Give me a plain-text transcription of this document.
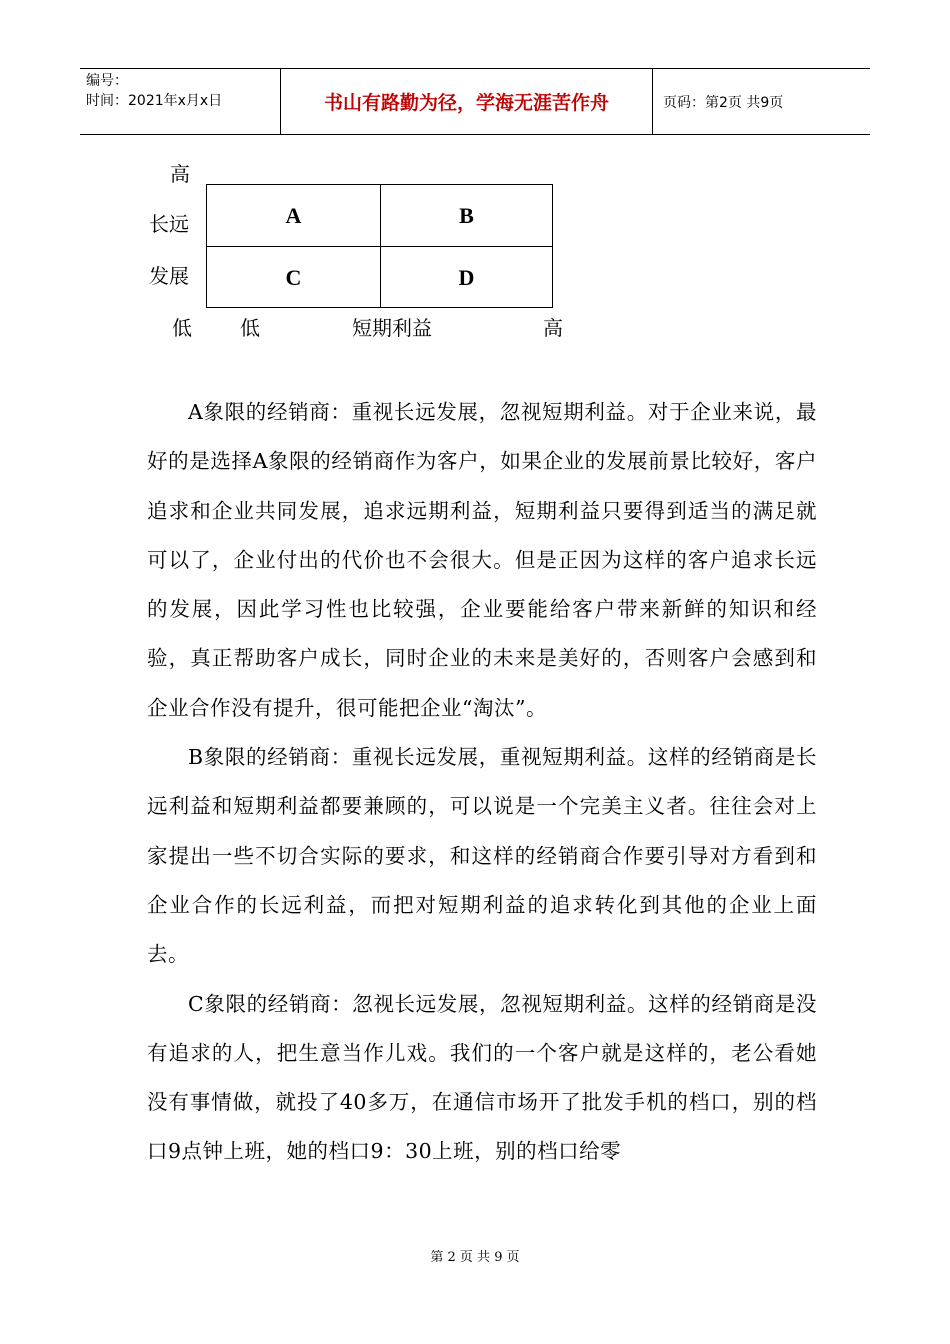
编号：
时间：2021年x月x日	书山有路勤为径，学海无涯苦作舟	页码：第2页 共9页
高
长远
发展
低 低	短期利益	高
A	B
C	D

A象限的经销商：重视长远发展，忽视短期利益。对于企业来说，最好的是选择A象限的经销商作为客户，如果企业的发展前景比较好，客户追求和企业共同发展，追求远期利益，短期利益只要得到适当的满足就可以了，企业付出的代价也不会很大。但是正因为这样的客户追求长远的发展，因此学习性也比较强，企业要能给客户带来新鲜的知识和经验，真正帮助客户成长，同时企业的未来是美好的，否则客户会感到和企业合作没有提升，很可能把企业“淘汰”。

B象限的经销商：重视长远发展，重视短期利益。这样的经销商是长远利益和短期利益都要兼顾的，可以说是一个完美主义者。往往会对上家提出一些不切合实际的要求，和这样的经销商合作要引导对方看到和企业合作的长远利益，而把对短期利益的追求转化到其他的企业上面去。

C象限的经销商：忽视长远发展，忽视短期利益。这样的经销商是没有追求的人，把生意当作儿戏。我们的一个客户就是这样的，老公看她没有事情做，就投了40多万，在通信市场开了批发手机的档口，别的档口9点钟上班，她的档口9：30上班，别的档口给零

第 2 页 共 9 页
